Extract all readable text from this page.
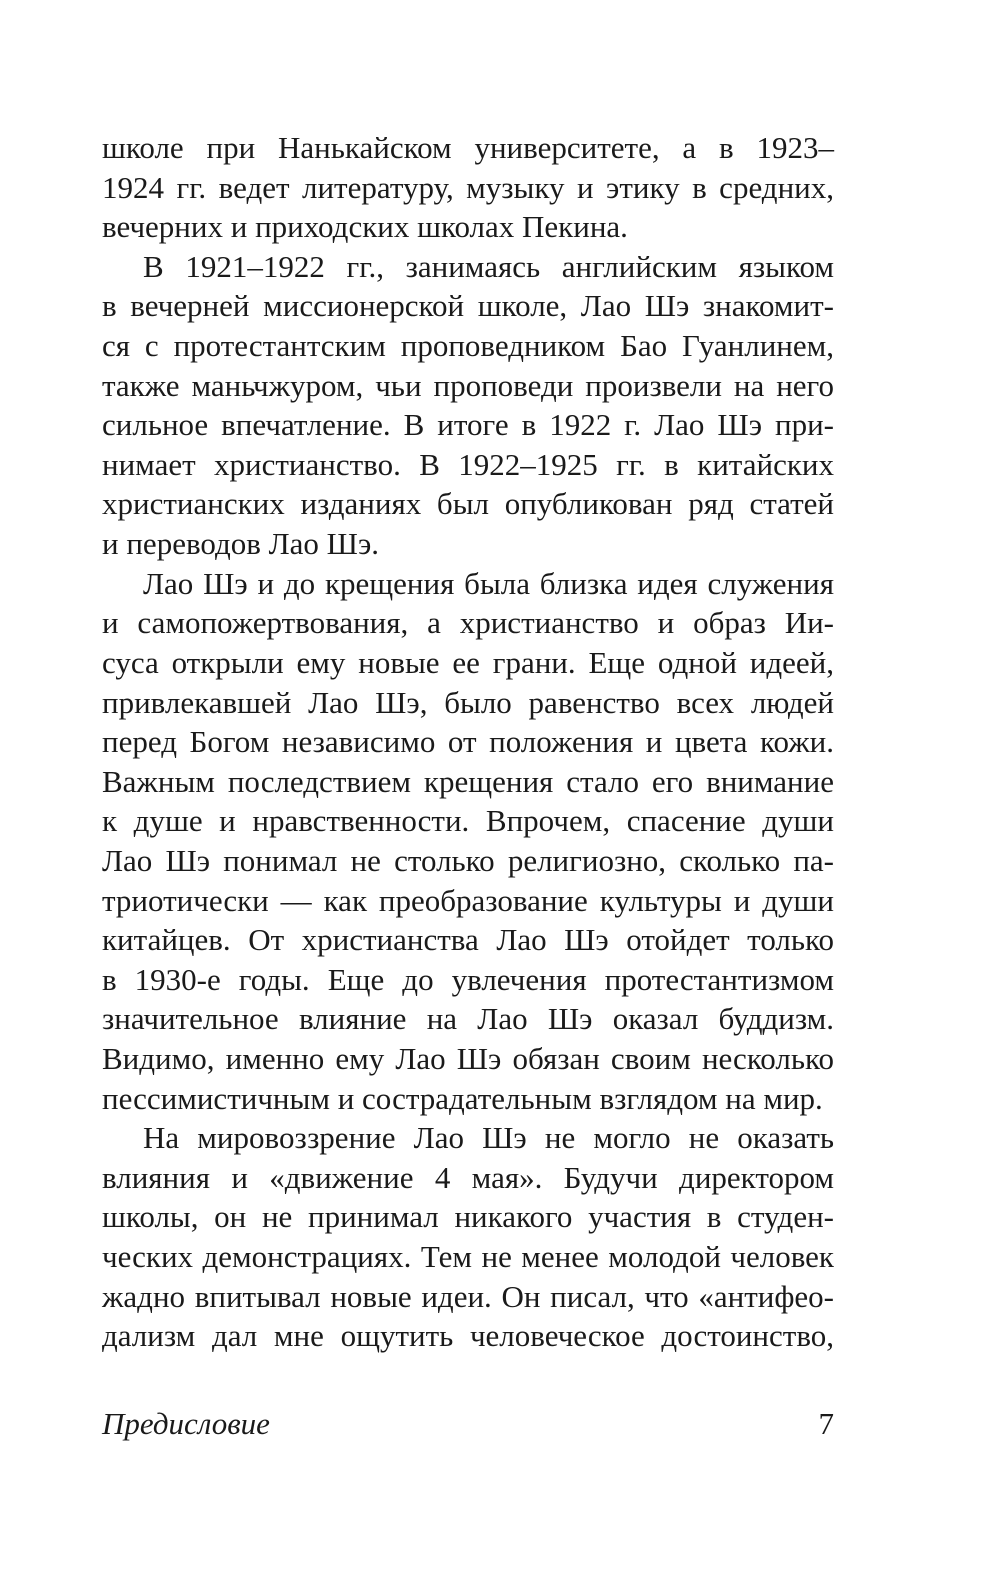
школе при Нанькайском университете, а в 1923–
1924 гг. ведет литературу, музыку и этику в средних,
вечерних и приходских школах Пекина.
В 1921–1922 гг., занимаясь английским языком
в вечерней миссионерской школе, Лао Шэ знакомит-
ся с протестантским проповедником Бао Гуанлинем,
также маньчжуром, чьи проповеди произвели на него
сильное впечатление. В итоге в 1922 г. Лао Шэ при-
нимает христианство. В 1922–1925 гг. в китайских
христианских изданиях был опубликован ряд статей
и переводов Лао Шэ.
Лао Шэ и до крещения была близка идея служения
и самопожертвования, а христианство и образ Ии-
суса открыли ему новые ее грани. Еще одной идеей,
привлекавшей Лао Шэ, было равенство всех людей
перед Богом независимо от положения и цвета кожи.
Важным последствием крещения стало его внимание
к душе и нравственности. Впрочем, спасение души
Лао Шэ понимал не столько религиозно, сколько па-
триотически — как преобразование культуры и души
китайцев. От христианства Лао Шэ отойдет только
в 1930-е годы. Еще до увлечения протестантизмом
значительное влияние на Лао Шэ оказал буддизм.
Видимо, именно ему Лао Шэ обязан своим несколько
пессимистичным и сострадательным взглядом на мир.
На мировоззрение Лао Шэ не могло не оказать
влияния и «движение 4 мая». Будучи директором
школы, он не принимал никакого участия в студен-
ческих демонстрациях. Тем не менее молодой человек
жадно впитывал новые идеи. Он писал, что «антифео-
дализм дал мне ощутить человеческое достоинство,
Предисловие	7
